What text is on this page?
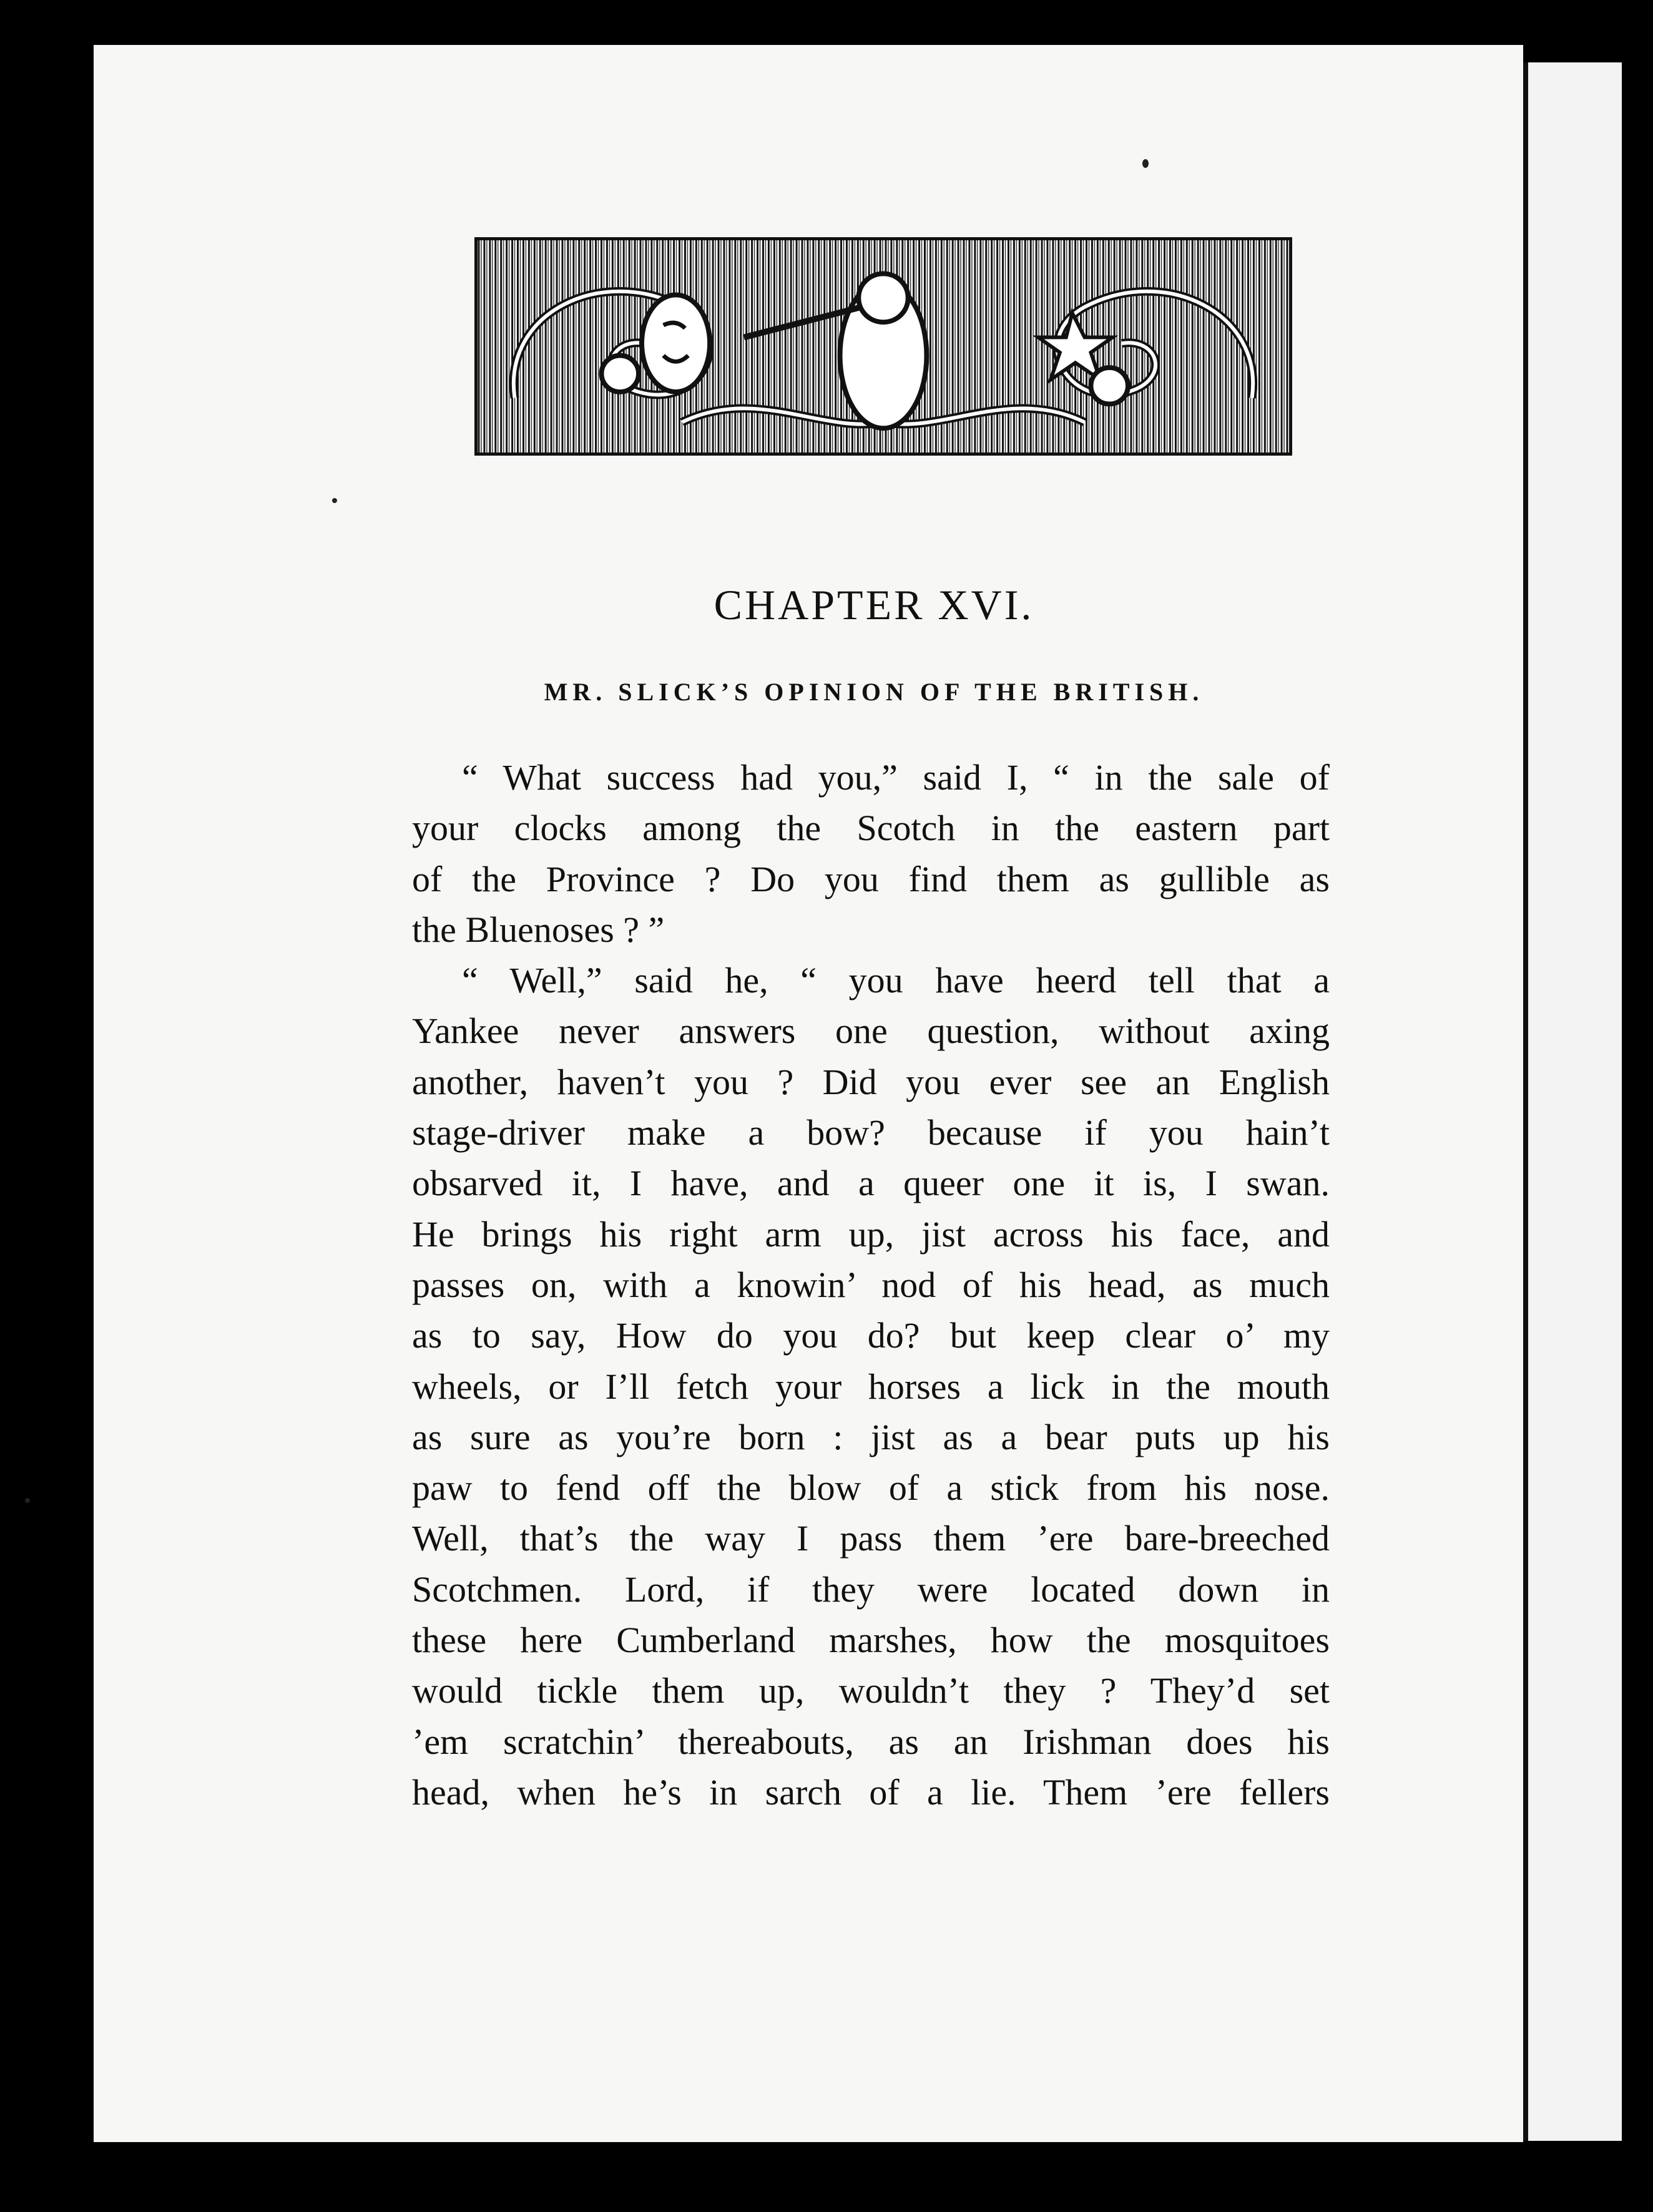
CHAPTER XVI.
MR. SLICK’S OPINION OF THE BRITISH.
“ What success had you,” said I, “ in the sale of
your clocks among the Scotch in the eastern part
of the Province ? Do you find them as gullible as
the Bluenoses ? ”
“ Well,” said he, “ you have heerd tell that a
Yankee never answers one question, without axing
another, haven’t you ? Did you ever see an English
stage-driver make a bow? because if you hain’t
obsarved it, I have, and a queer one it is, I swan.
He brings his right arm up, jist across his face, and
passes on, with a knowin’ nod of his head, as much
as to say, How do you do? but keep clear o’ my
wheels, or I’ll fetch your horses a lick in the mouth
as sure as you’re born : jist as a bear puts up his
paw to fend off the blow of a stick from his nose.
Well, that’s the way I pass them ’ere bare-breeched
Scotchmen. Lord, if they were located down in
these here Cumberland marshes, how the mosquitoes
would tickle them up, wouldn’t they ? They’d set
’em scratchin’ thereabouts, as an Irishman does his
head, when he’s in sarch of a lie. Them ’ere fellers
